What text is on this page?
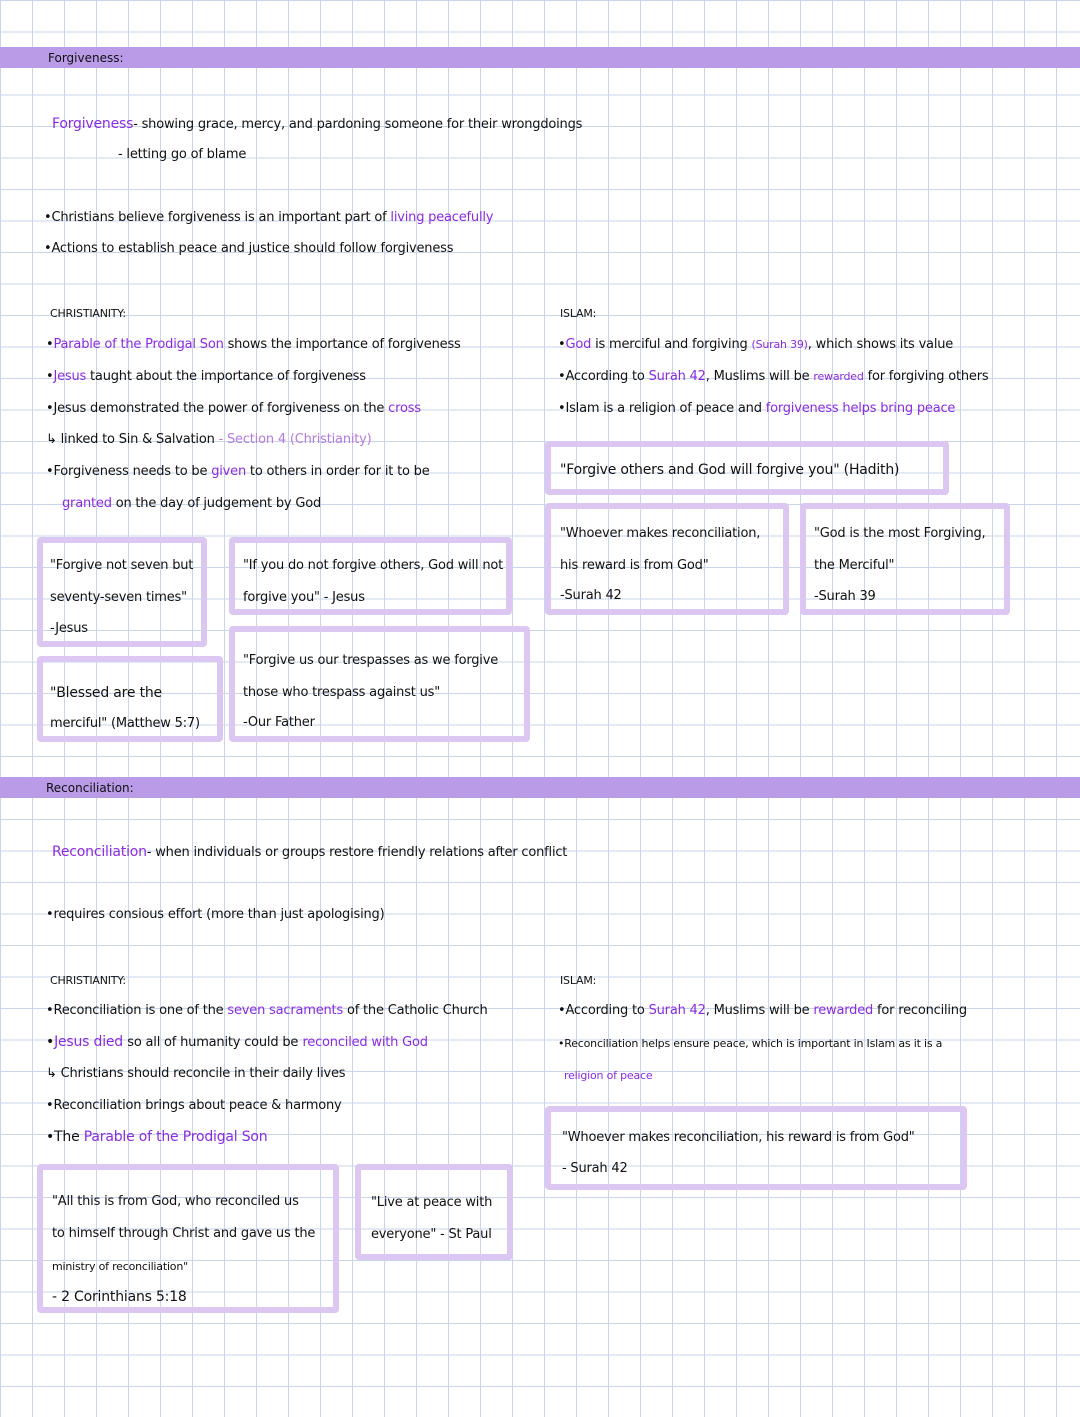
Forgiveness:
Forgiveness- showing grace, mercy, and pardoning someone for their wrongdoings
- letting go of blame
•Christians believe forgiveness is an important part of living peacefully
•Actions to establish peace and justice should follow forgiveness
CHRISTIANITY:
•Parable of the Prodigal Son shows the importance of forgiveness
•Jesus taught about the importance of forgiveness
•Jesus demonstrated the power of forgiveness on the cross
↳ linked to Sin & Salvation - Section 4 (Christianity)
•Forgiveness needs to be given to others in order for it to be
granted on the day of judgement by God
"Forgive not seven but
seventy-seven times"
-Jesus
"If you do not forgive others, God will not
forgive you" - Jesus
"Blessed are the
merciful" (Matthew 5:7)
"Forgive us our trespasses as we forgive
those who trespass against us"
-Our Father
ISLAM:
•God is merciful and forgiving (Surah 39), which shows its value
•According to Surah 42, Muslims will be rewarded for forgiving others
•Islam is a religion of peace and forgiveness helps bring peace
"Forgive others and God will forgive you" (Hadith)
"Whoever makes reconciliation,
his reward is from God"
-Surah 42
"God is the most Forgiving,
the Merciful"
-Surah 39
Reconciliation:
Reconciliation- when individuals or groups restore friendly relations after conflict
•requires consious effort (more than just apologising)
CHRISTIANITY:
•Reconciliation is one of the seven sacraments of the Catholic Church
•Jesus died so all of humanity could be reconciled with God
↳ Christians should reconcile in their daily lives
•Reconciliation brings about peace & harmony
•The Parable of the Prodigal Son
"All this is from God, who reconciled us
to himself through Christ and gave us the
ministry of reconciliation"
- 2 Corinthians 5:18
"Live at peace with
everyone" - St Paul
ISLAM:
•According to Surah 42, Muslims will be rewarded for reconciling
•Reconciliation helps ensure peace, which is important in Islam as it is a
religion of peace
"Whoever makes reconciliation, his reward is from God"
- Surah 42
